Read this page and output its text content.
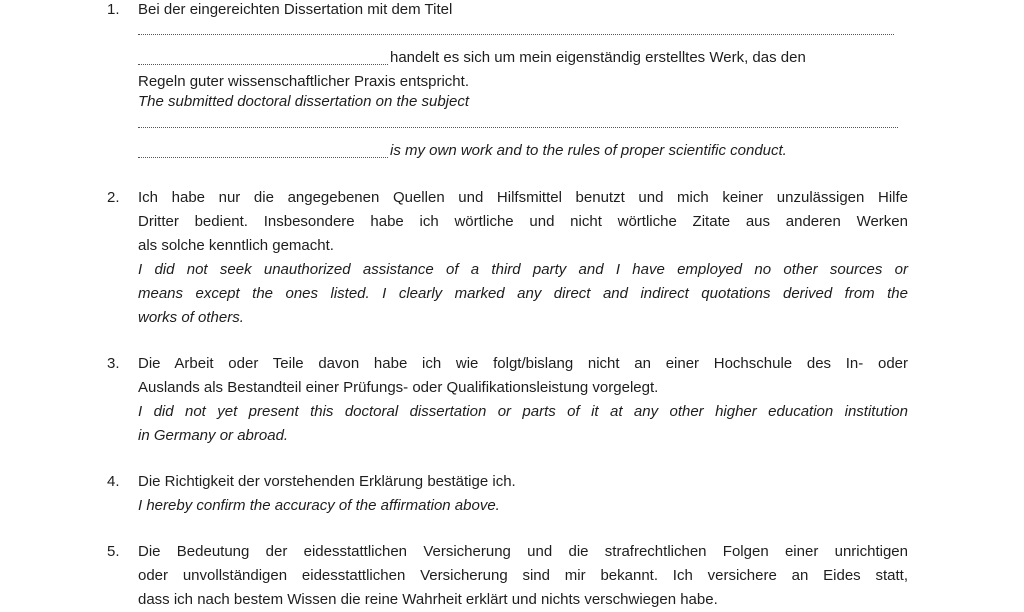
1.	Bei der eingereichten Dissertation mit dem Titel
handelt es sich um mein eigenständig erstelltes Werk, das den
Regeln guter wissenschaftlicher Praxis entspricht.
The submitted doctoral dissertation on the subject
is my own work and to the rules of proper scientific conduct.
2.	Ich habe nur die angegebenen Quellen und Hilfsmittel benutzt und mich keiner unzulässigen Hilfe
Dritter bedient. Insbesondere habe ich wörtliche und nicht wörtliche Zitate aus anderen Werken
als solche kenntlich gemacht.
I did not seek unauthorized assistance of a third party and I have employed no other sources or
means except the ones listed. I clearly marked any direct and indirect quotations derived from the
works of others.
3.	Die Arbeit oder Teile davon habe ich wie folgt/bislang nicht an einer Hochschule des In- oder
Auslands als Bestandteil einer Prüfungs- oder Qualifikationsleistung vorgelegt.
I did not yet present this doctoral dissertation or parts of it at any other higher education institution
in Germany or abroad.
4.	Die Richtigkeit der vorstehenden Erklärung bestätige ich.
I hereby confirm the accuracy of the affirmation above.
5.	Die Bedeutung der eidesstattlichen Versicherung und die strafrechtlichen Folgen einer unrichtigen
oder unvollständigen eidesstattlichen Versicherung sind mir bekannt. Ich versichere an Eides statt,
dass ich nach bestem Wissen die reine Wahrheit erklärt und nichts verschwiegen habe.
